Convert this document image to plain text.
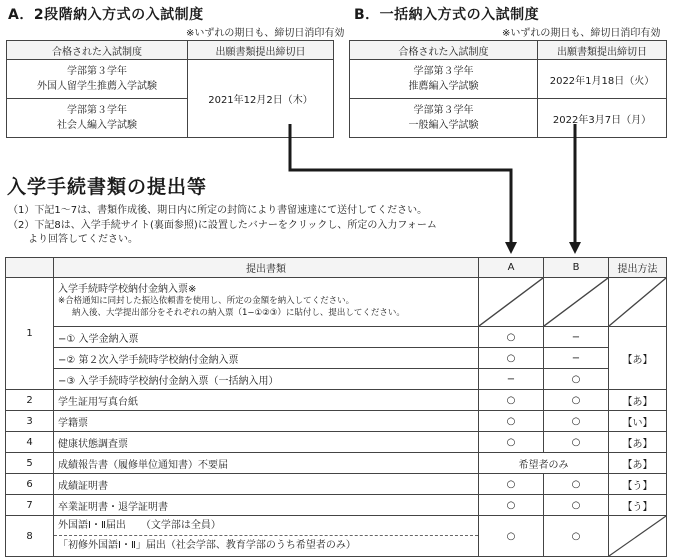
A．2段階納入方式の入試制度
※いずれの期日も、締切日消印有効
合格された入試制度	出願書類提出締切日

学部第３学年
外国人留学生推薦入学試験	2021年12月2日（木）

学部第３学年
社会人編入学試験	
B．一括納入方式の入試制度
※いずれの期日も、締切日消印有効
合格された入試制度	出願書類提出締切日

学部第３学年
推薦編入学試験	2022年1月18日（火）

学部第３学年
一般編入学試験	2022年3月7日（月）
入学手続書類の提出等
（1）下記1〜7は、書類作成後、期日内に所定の封筒により書留速達にて送付してください。
（2）下記8は、入学手続サイト(裏面参照)に設置したバナーをクリックし、所定の入力フォーム
　　より回答してください。
	提出書類	A	B	提出方法
1	入学手続時学校納付金納入票※
※合格通知に同封した振込依頼書を使用し、所定の金額を納入してください。
納入後、大学提出部分をそれぞれの納入票（1−①②③）に貼付し、提出してください。

	−① 入学金納入票	○	−	【あ】
	−② 第２次入学手続時学校納付金納入票	○	−	
	−③ 入学手続時学校納付金納入票（一括納入用）	−	○	
2	学生証用写真台紙	○	○	【あ】
3	学籍票	○	○	【い】
4	健康状態調査票	○	○	【あ】
5	成績報告書（履修単位通知書）不要届	希望者のみ		【あ】
6	成績証明書	○	○	【う】
7	卒業証明書・退学証明書	○	○	【う】
8	外国語Ⅰ・Ⅱ届出　　（文学部は全員）
「初修外国語Ⅰ・Ⅱ」届出（社会学部、教育学部のうち希望者のみ）	○	○	
